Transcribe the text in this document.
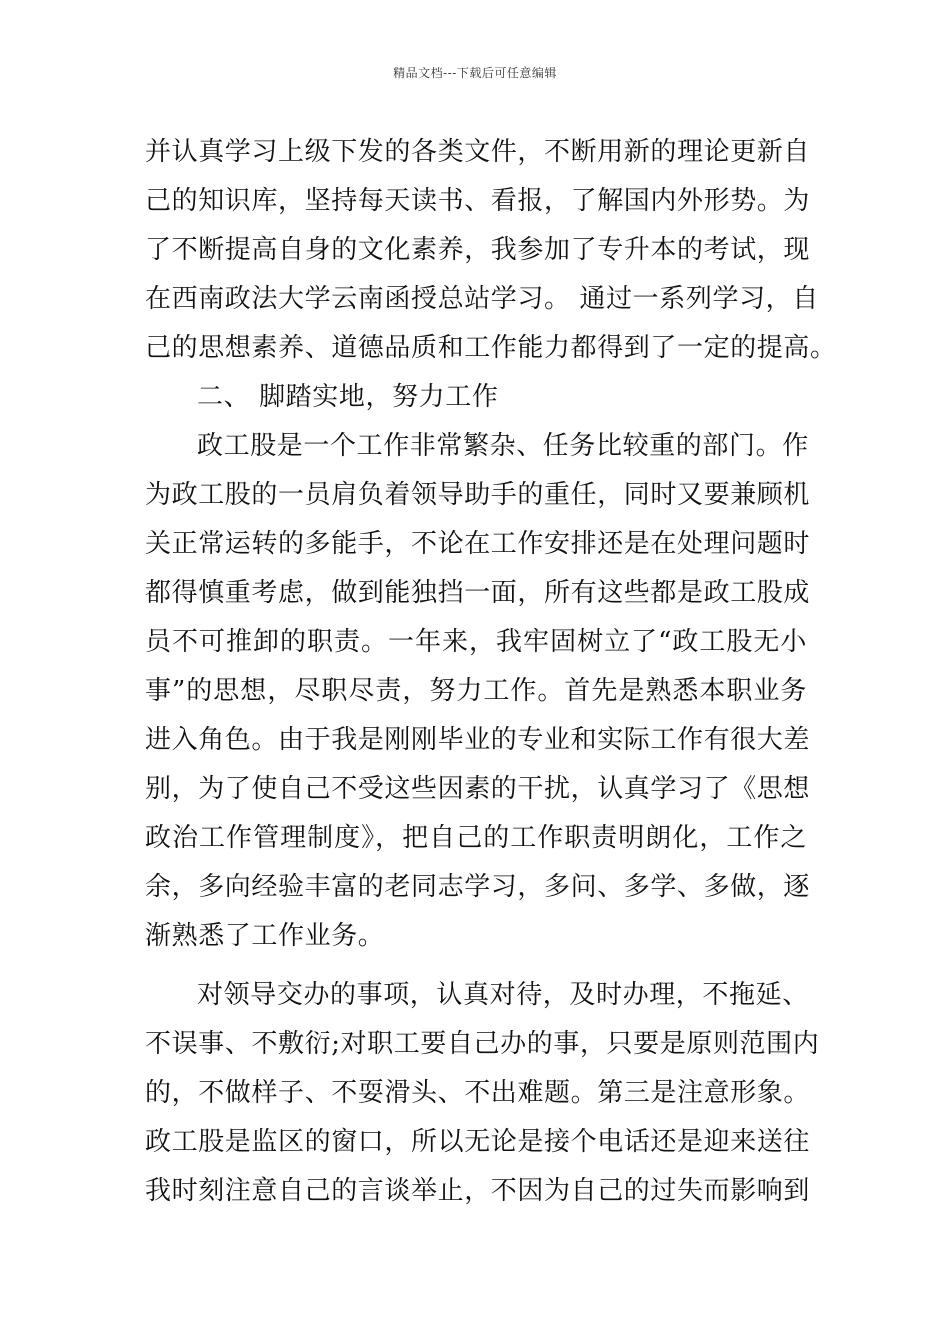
精品文档---下载后可任意编辑
并认真学习上级下发的各类文件，不断用新的理论更新自
己的知识库，坚持每天读书、看报，了解国内外形势。为
了不断提高自身的文化素养，我参加了专升本的考试，现
在西南政法大学云南函授总站学习。 通过一系列学习，自
己的思想素养、道德品质和工作能力都得到了一定的提高。
二、 脚踏实地，努力工作
政工股是一个工作非常繁杂、任务比较重的部门。作
为政工股的一员肩负着领导助手的重任，同时又要兼顾机
关正常运转的多能手，不论在工作安排还是在处理问题时
都得慎重考虑，做到能独挡一面，所有这些都是政工股成
员不可推卸的职责。一年来，我牢固树立了“政工股无小
事”的思想，尽职尽责，努力工作。首先是熟悉本职业务
进入角色。由于我是刚刚毕业的专业和实际工作有很大差
别，为了使自己不受这些因素的干扰，认真学习了《思想
政治工作管理制度》，把自己的工作职责明朗化，工作之
余，多向经验丰富的老同志学习，多问、多学、多做，逐
渐熟悉了工作业务。
对领导交办的事项，认真对待，及时办理，不拖延、
不误事、不敷衍;对职工要自己办的事，只要是原则范围内
的，不做样子、不耍滑头、不出难题。第三是注意形象。
政工股是监区的窗口，所以无论是接个电话还是迎来送往
我时刻注意自己的言谈举止，不因为自己的过失而影响到
